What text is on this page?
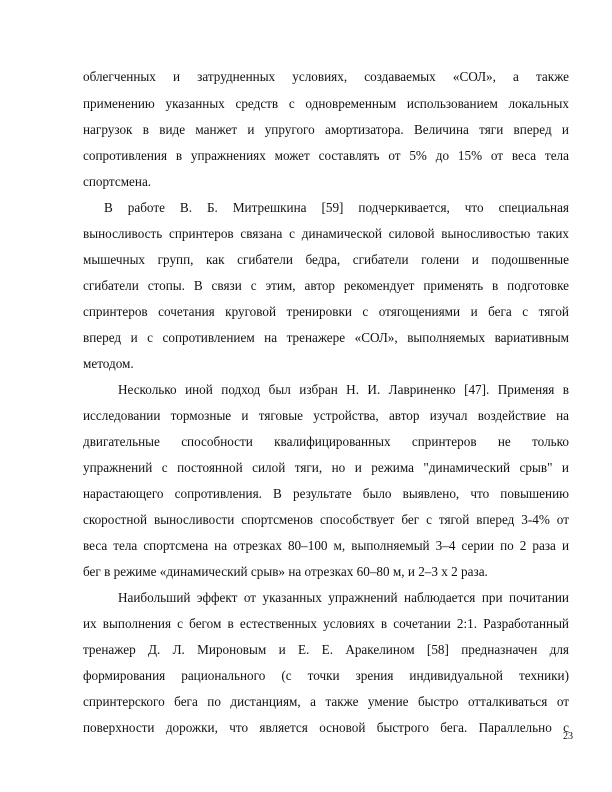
облегченных и затрудненных условиях, создаваемых «СОЛ», а также
применению указанных средств с одновременным использованием локальных
нагрузок в виде манжет и упругого амортизатора. Величина тяги вперед и
сопротивления в упражнениях может составлять от 5% до 15% от веса тела
спортсмена.
В работе В. Б. Митрешкина [59] подчеркивается, что специальная
выносливость спринтеров связана с динамической силовой выносливостью таких
мышечных групп, как сгибатели бедра, сгибатели голени и подошвенные
сгибатели стопы. В связи с этим, автор рекомендует применять в подготовке
спринтеров сочетания круговой тренировки с отягощениями и бега с тягой
вперед и с сопротивлением на тренажере «СОЛ», выполняемых вариативным
методом.
Несколько иной подход был избран Н. И. Лавриненко [47]. Применяя в
исследовании тормозные и тяговые устройства, автор изучал воздействие на
двигательные способности квалифицированных спринтеров не только
упражнений с постоянной силой тяги, но и режима "динамический срыв" и
нарастающего сопротивления. В результате было выявлено, что повышению
скоростной выносливости спортсменов способствует бег с тягой вперед 3-4% от
веса тела спортсмена на отрезках 80–100 м, выполняемый 3–4 серии по 2 раза и
бег в режиме «динамический срыв» на отрезках 60–80 м, и 2–3 х 2 раза.
Наибольший эффект от указанных упражнений наблюдается при почитании
их выполнения с бегом в естественных условиях в сочетании 2:1. Разработанный
тренажер Д. Л. Мироновым и Е. Е. Аракелином [58] предназначен для
формирования рационального (с точки зрения индивидуальной техники)
спринтерского бега по дистанциям, а также умение быстро отталкиваться от
поверхности дорожки, что является основой быстрого бега. Параллельно с
23
